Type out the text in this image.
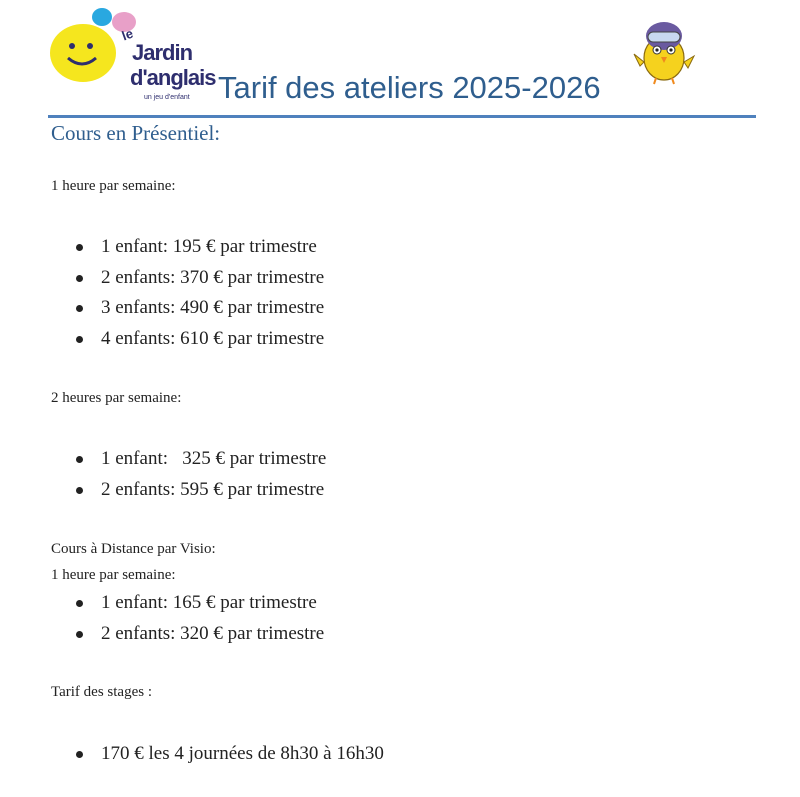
le
Jardin
d'anglais
un jeu d'enfant Tarif des ateliers 2025-2026
Cours en Présentiel:
1 heure par semaine:
1 enfant: 195 € par trimestre
2 enfants: 370 € par trimestre
3 enfants: 490 € par trimestre
4 enfants: 610 € par trimestre
2 heures par semaine:
1 enfant:   325 € par trimestre
2 enfants: 595 € par trimestre
Cours à Distance par Visio:
1 heure par semaine:
1 enfant: 165 € par trimestre
2 enfants: 320 € par trimestre
Tarif des stages :
170 € les 4 journées de 8h30 à 16h30
